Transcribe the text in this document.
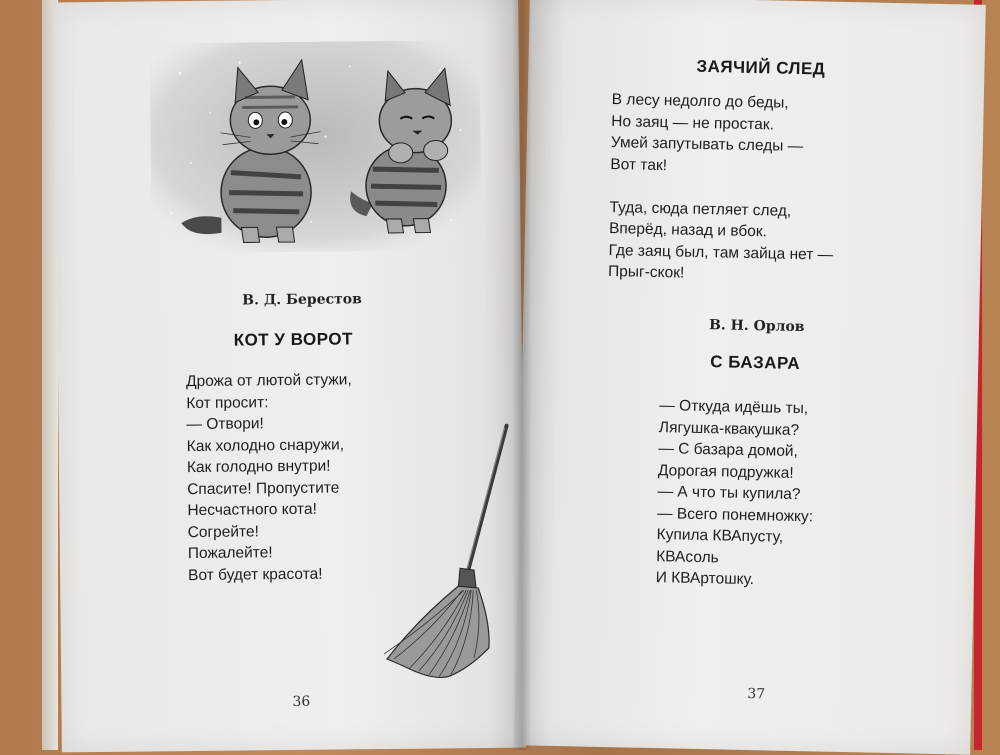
В. Д. Берестов
КОТ У ВОРОТ
Дрожа от лютой стужи,
Кот просит:
— Отвори!
Как холодно снаружи,
Как голодно внутри!
Спасите! Пропустите
Несчастного кота!
Согрейте!
Пожалейте!
Вот будет красота!
36
ЗАЯЧИЙ СЛЕД
В лесу недолго до беды,
Но заяц — не простак.
Умей запутывать следы —
Вот так!
Туда, сюда петляет след,
Вперёд, назад и вбок.
Где заяц был, там зайца нет —
Прыг-скок!
В. Н. Орлов
С БАЗАРА
— Откуда идёшь ты,
Лягушка-квакушка?
— С базара домой,
Дорогая подружка!
— А что ты купила?
— Всего понемножку:
Купила КВАпусту,
КВАсоль
И КВАртошку.
37
